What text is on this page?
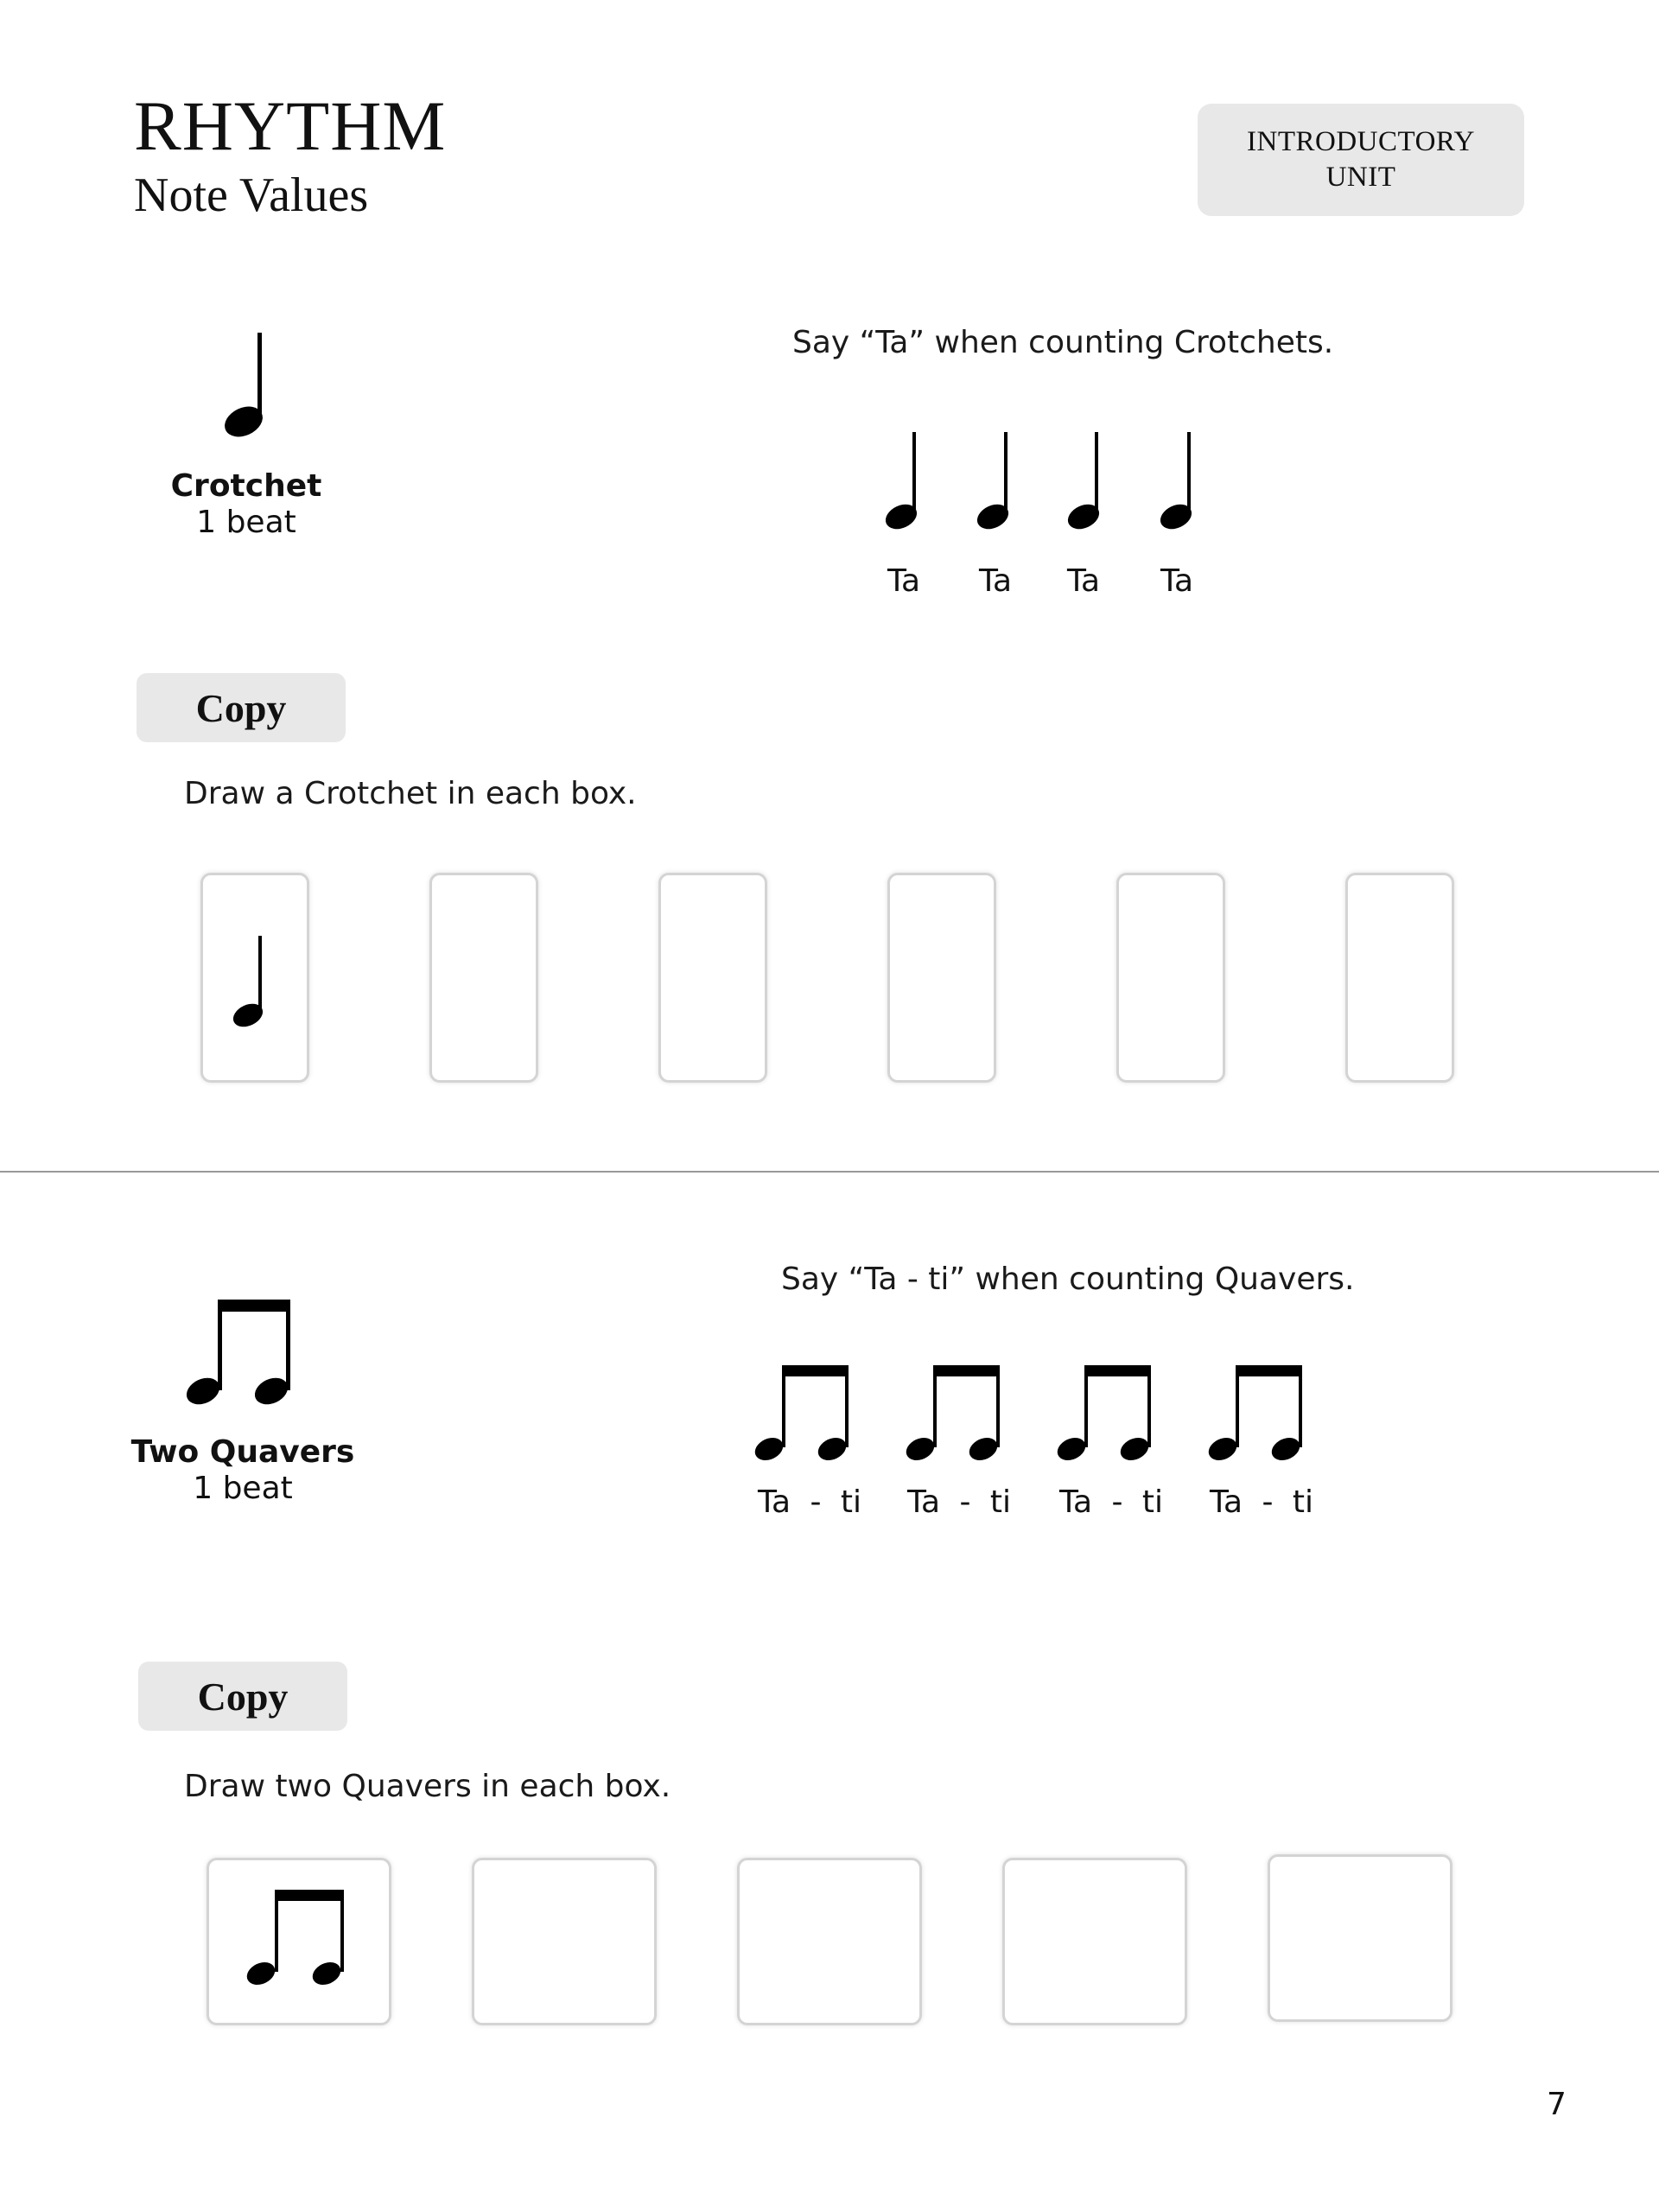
RHYTHM
Note Values
INTRODUCTORY
UNIT
Crotchet
1 beat
Say “Ta” when counting Crotchets.
Ta	Ta	Ta	Ta
Copy
Draw a Crotchet in each box.
Two Quavers
1 beat
Say “Ta - ti” when counting Quavers.
Ta - ti Ta - ti Ta - ti Ta - ti
Copy
Draw two Quavers in each box.
7
